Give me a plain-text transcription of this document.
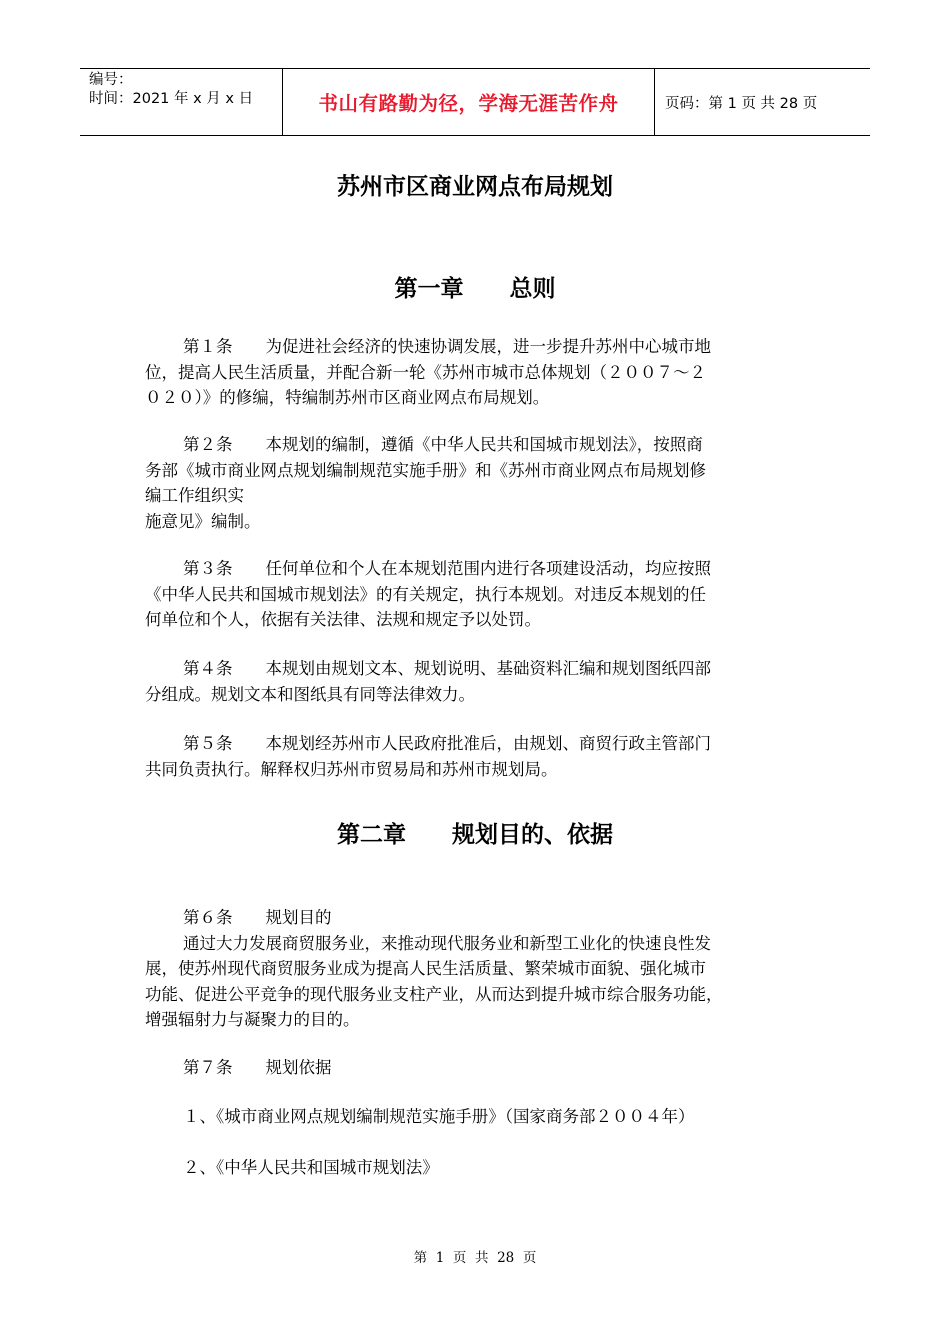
编号：
时间：2021 年 x 月 x 日	书山有路勤为径，学海无涯苦作舟	页码：第 1 页 共 28 页
苏州市区商业网点布局规划
第一章　　总则
第１条　　为促进社会经济的快速协调发展，进一步提升苏州中心城市地
位，提高人民生活质量，并配合新一轮《苏州市城市总体规划（２００７～２
０２０）》的修编，特编制苏州市区商业网点布局规划。
第２条　　本规划的编制，遵循《中华人民共和国城市规划法》，按照商
务部《城市商业网点规划编制规范实施手册》和《苏州市商业网点布局规划修
编工作组织实
施意见》编制。
第３条　　任何单位和个人在本规划范围内进行各项建设活动，均应按照
《中华人民共和国城市规划法》的有关规定，执行本规划。对违反本规划的任
何单位和个人，依据有关法律、法规和规定予以处罚。
第４条　　本规划由规划文本、规划说明、基础资料汇编和规划图纸四部
分组成。规划文本和图纸具有同等法律效力。
第５条　　本规划经苏州市人民政府批准后，由规划、商贸行政主管部门
共同负责执行。解释权归苏州市贸易局和苏州市规划局。
第二章　　规划目的、依据
第６条　　规划目的
通过大力发展商贸服务业，来推动现代服务业和新型工业化的快速良性发
展，使苏州现代商贸服务业成为提高人民生活质量、繁荣城市面貌、强化城市
功能、促进公平竞争的现代服务业支柱产业，从而达到提升城市综合服务功能，
增强辐射力与凝聚力的目的。
第７条　　规划依据
１、《城市商业网点规划编制规范实施手册》（国家商务部２００４年）
２、《中华人民共和国城市规划法》
第  1  页  共  28  页
